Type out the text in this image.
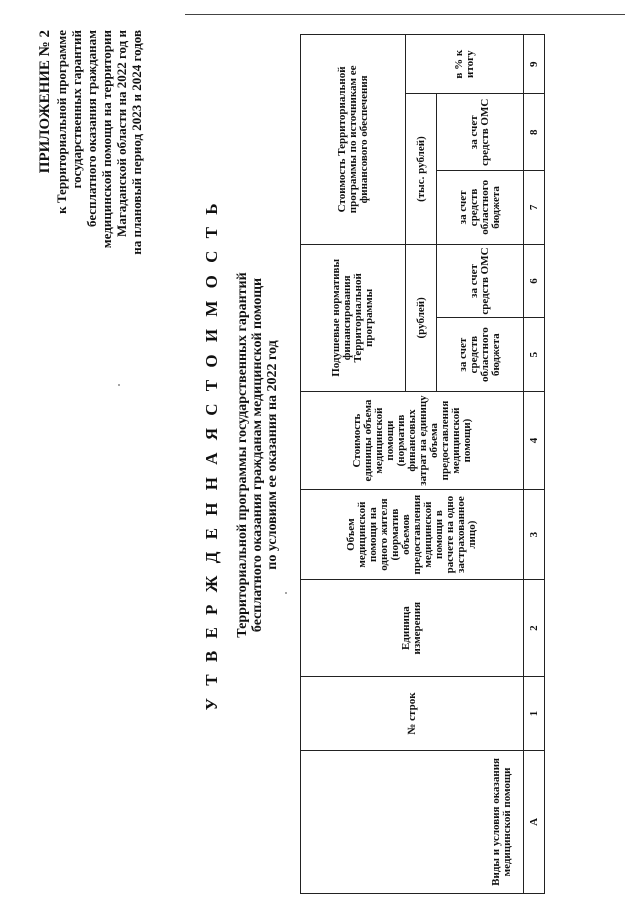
ПРИЛОЖЕНИЕ № 2 к Территориальной программе государственных гарантий бесплатного оказания гражданам медицинской помощи на территории Магаданской области на 2022 год и на плановый период 2023 и 2024 годов
У Т В Е Р Ж Д Е Н Н А Я С Т О И М О С Т Ь Территориальной программы государственных гарантий бесплатного оказания гражданам медицинской помощи по условиям ее оказания на 2022 год
Виды и условия оказания медицинской помощи	№ строк	Единица измерения	Объем медицинской помощи на одного жителя (норматив объемов предоставления медицинской помощи в расчете на одно застрахованное лицо)	Стоимость единицы объема медицинской помощи (норматив финансовых затрат на единицу объема предоставления медицинской помощи)	Подушевые нормативы финансирования Территориальной программы		Стоимость Территориальной программы по источникам ее финансового обеспечения		
					(рублей)		(тыс. рублей)		в % к итогу
					за счет средств областного бюджета	за счет средств ОМС	за счет средств областного бюджета	за счет средств ОМС	
А	1	2	3	4	5	6	7	8	9
